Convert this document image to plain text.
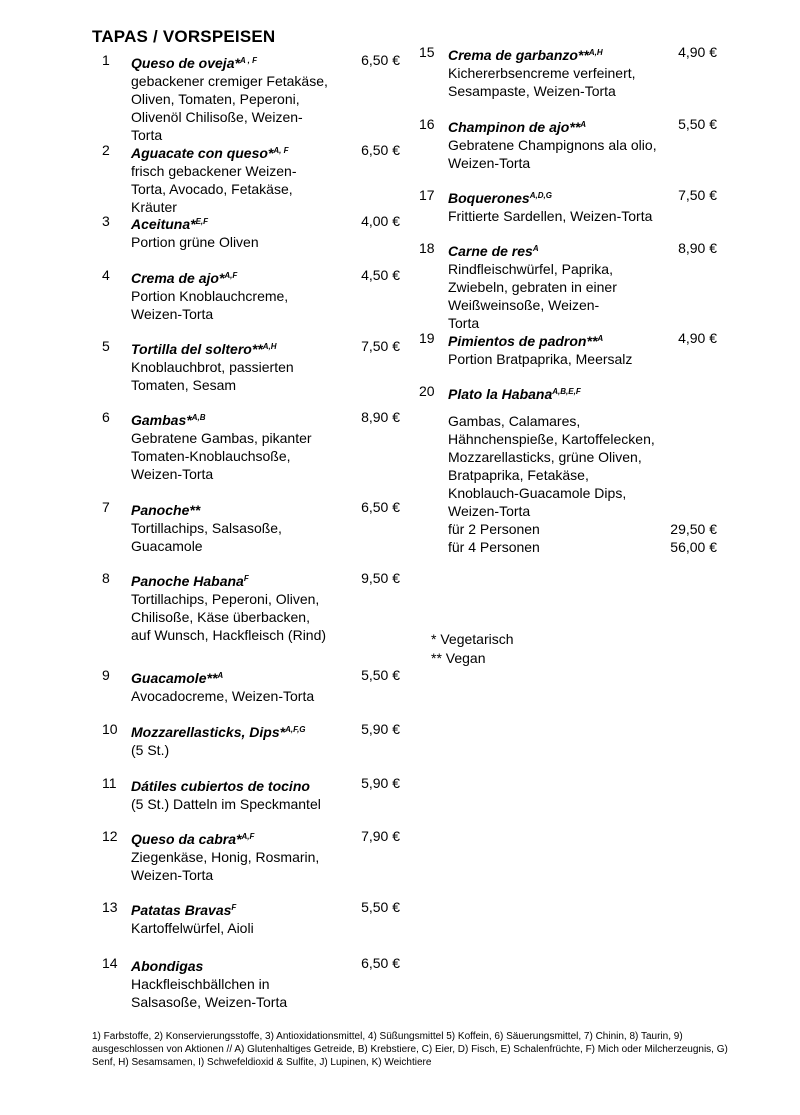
TAPAS / VORSPEISEN
1 Queso de oveja*$^{A , F}$
gebackener cremiger Fetakäse, Oliven, Tomaten, Peperoni, Olivenöl Chilisoße, Weizen-Torta
6,50 €
2 Aguacate con queso*$^{A, F}$
frisch gebackener Weizen-Torta, Avocado, Fetakäse, Kräuter
6,50 €
3 Aceituna*$^{E,F}$
Portion grüne Oliven
4,00 €
4 Crema de ajo*$^{A,F}$
Portion Knoblauchcreme, Weizen-Torta
4,50 €
5 Tortilla del soltero**$^{A,H}$
Knoblauchbrot, passierten Tomaten, Sesam
7,50 €
6 Gambas*$^{A,B}$
Gebratene Gambas, pikanter Tomaten-Knoblauchsoße, Weizen-Torta
8,90 €
7 Panoche**
Tortillachips, Salsasoße, Guacamole
6,50 €
8 Panoche Habana$^F$
Tortillachips, Peperoni, Oliven, Chilisoße, Käse überbacken, auf Wunsch, Hackfleisch (Rind)
9,50 €
9 Guacamole**$^A$
Avocadocreme, Weizen-Torta
5,50 €
10 Mozzarellasticks, Dips*$^{A,F,G}$
(5 St.)
5,90 €
11 Dátiles cubiertos de tocino
(5 St.) Datteln im Speckmantel
5,90 €
12 Queso da cabra*$^{A,F}$
Ziegenkäse, Honig, Rosmarin, Weizen-Torta
7,90 €
13 Patatas Bravas$^F$
Kartoffelwürfel, Aioli
5,50 €
14 Abondigas
Hackfleischbällchen in Salsasoße, Weizen-Torta
6,50 €
15 Crema de garbanzo**$^{A,H}$
Kichererbsencreme verfeinert, Sesampaste, Weizen-Torta
4,90 €
16 Champinon de ajo**$^A$
Gebratene Champignons ala olio, Weizen-Torta
5,50 €
17 Boquerones$^{A,D,G}$
Frittierte Sardellen, Weizen-Torta
7,50 €
18 Carne de res$^A$
Rindfleischwürfel, Paprika, Zwiebeln, gebraten in einer Weißweinsoße, Weizen-Torta
8,90 €
19 Pimientos de padron**$^A$
Portion Bratpaprika, Meersalz
4,90 €
20 Plato la Habana$^{A,B,E,F}$
Gambas, Calamares, Hähnchenspieße, Kartoffelecken, Mozzarellasticks, grüne Oliven, Bratpaprika, Fetakäse, Knoblauch-Guacamole Dips, Weizen-Torta
für 2 Personen	29,50 €
für 4 Personen	56,00 €
* Vegetarisch
** Vegan
1) Farbstoffe, 2) Konservierungsstoffe, 3) Antioxidationsmittel, 4) Süßungsmittel 5) Koffein, 6) Säuerungsmittel, 7) Chinin, 8) Taurin, 9) ausgeschlossen von Aktionen // A) Glutenhaltiges Getreide, B) Krebstiere, C) Eier, D) Fisch, E) Schalenfrüchte, F) Mich oder Milcherzeugnis, G) Senf, H) Sesamsamen, I) Schwefeldioxid & Sulfite, J) Lupinen, K) Weichtiere
